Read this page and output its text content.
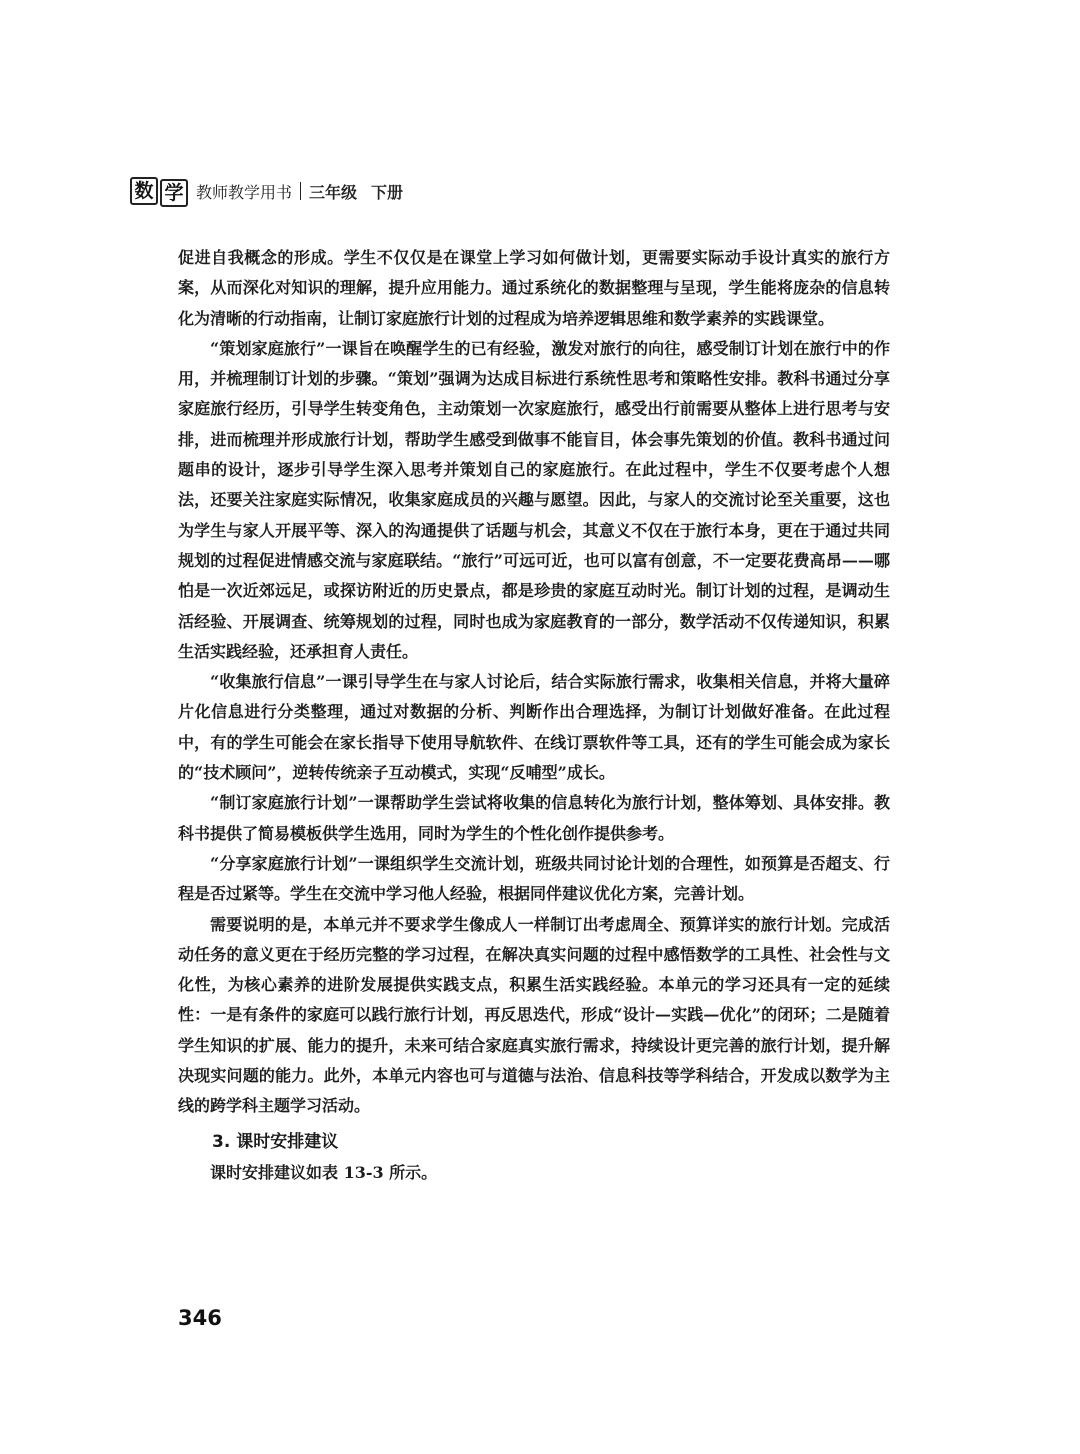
数 学 教师教学用书 三年级 下册

促进自我概念的形成。学生不仅仅是在课堂上学习如何做计划，更需要实际动手设计真实的旅行方案，从而深化对知识的理解，提升应用能力。通过系统化的数据整理与呈现，学生能将庞杂的信息转化为清晰的行动指南，让制订家庭旅行计划的过程成为培养逻辑思维和数学素养的实践课堂。

“策划家庭旅行”一课旨在唤醒学生的已有经验，激发对旅行的向往，感受制订计划在旅行中的作用，并梳理制订计划的步骤。“策划”强调为达成目标进行系统性思考和策略性安排。教科书通过分享家庭旅行经历，引导学生转变角色，主动策划一次家庭旅行，感受出行前需要从整体上进行思考与安排，进而梳理并形成旅行计划，帮助学生感受到做事不能盲目，体会事先策划的价值。教科书通过问题串的设计，逐步引导学生深入思考并策划自己的家庭旅行。在此过程中，学生不仅要考虑个人想法，还要关注家庭实际情况，收集家庭成员的兴趣与愿望。因此，与家人的交流讨论至关重要，这也为学生与家人开展平等、深入的沟通提供了话题与机会，其意义不仅在于旅行本身，更在于通过共同规划的过程促进情感交流与家庭联结。“旅行”可远可近，也可以富有创意，不一定要花费高昂——哪怕是一次近郊远足，或探访附近的历史景点，都是珍贵的家庭互动时光。制订计划的过程，是调动生活经验、开展调查、统筹规划的过程，同时也成为家庭教育的一部分，数学活动不仅传递知识，积累生活实践经验，还承担育人责任。

“收集旅行信息”一课引导学生在与家人讨论后，结合实际旅行需求，收集相关信息，并将大量碎片化信息进行分类整理，通过对数据的分析、判断作出合理选择，为制订计划做好准备。在此过程中，有的学生可能会在家长指导下使用导航软件、在线订票软件等工具，还有的学生可能会成为家长的“技术顾问”，逆转传统亲子互动模式，实现“反哺型”成长。

“制订家庭旅行计划”一课帮助学生尝试将收集的信息转化为旅行计划，整体筹划、具体安排。教科书提供了简易模板供学生选用，同时为学生的个性化创作提供参考。

“分享家庭旅行计划”一课组织学生交流计划，班级共同讨论计划的合理性，如预算是否超支、行程是否过紧等。学生在交流中学习他人经验，根据同伴建议优化方案，完善计划。

需要说明的是，本单元并不要求学生像成人一样制订出考虑周全、预算详实的旅行计划。完成活动任务的意义更在于经历完整的学习过程，在解决真实问题的过程中感悟数学的工具性、社会性与文化性，为核心素养的进阶发展提供实践支点，积累生活实践经验。本单元的学习还具有一定的延续性：一是有条件的家庭可以践行旅行计划，再反思迭代，形成“设计—实践—优化”的闭环；二是随着学生知识的扩展、能力的提升，未来可结合家庭真实旅行需求，持续设计更完善的旅行计划，提升解决现实问题的能力。此外，本单元内容也可与道德与法治、信息科技等学科结合，开发成以数学为主线的跨学科主题学习活动。

3. 课时安排建议

课时安排建议如表 13-3 所示。

346
